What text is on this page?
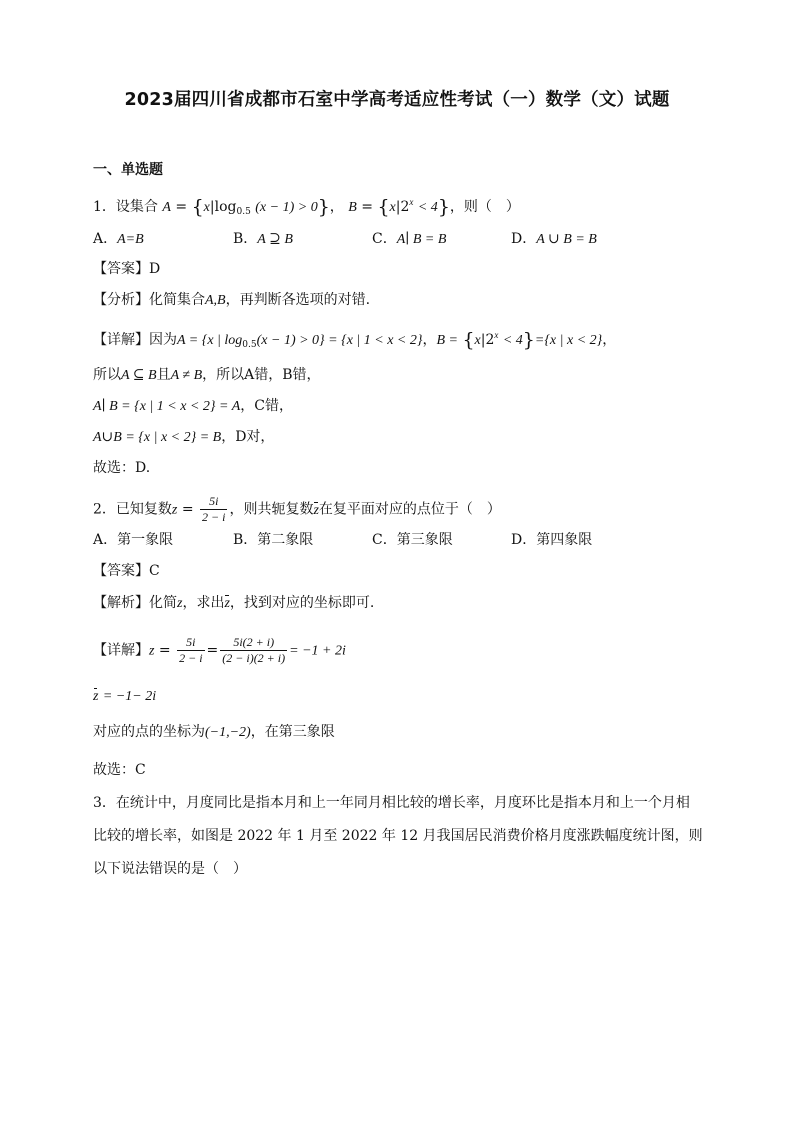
2023届四川省成都市石室中学高考适应性考试（一）数学（文）试题
一、单选题
1．设集合 $A = \{x|\log_{0.5}$ (x − 1) > 0}， $B = \{x|2^x < 4\}$，则（　）
A．A=B	B．A ⊇ B	C．A∣ B = B	D．A ∪ B = B
【答案】D
【分析】化简集合A,B，再判断各选项的对错.
【详解】因为A = {x | $\log_{0.5}(x - 1) > 0\} = \{x$ | 1 < x < 2}，$B = \{x|2^x < 4\}=\{x$ | x < 2}，
所以A ⊆ B且A ≠ B，所以A错，B错，
A∣ B = {x | 1 < x < 2} = A，C错，
A∪B = {x | x < 2} = B，D对，
故选：D.
2．已知复数$z = \frac{5i}{2 - i}$ ，则共轭复数z在复平面对应的点位于（　）
A．第一象限	B．第二象限	C．第三象限	D．第四象限
【答案】C
【解析】化简z，求出z，找到对应的坐标即可.
【详解】$z = \frac{5i}{2 - i} = \frac{5i(2 + i)}{(2 - i)(2 + i)} = -1 + 2i$
z = −1− 2i
对应的点的坐标为(−1,−2)，在第三象限
故选：C
3．在统计中，月度同比是指本月和上一年同月相比较的增长率，月度环比是指本月和上一个月相比较的增长率，如图是 2022 年 1 月至 2022 年 12 月我国居民消费价格月度涨跌幅度统计图，则以下说法错误的是（　）
